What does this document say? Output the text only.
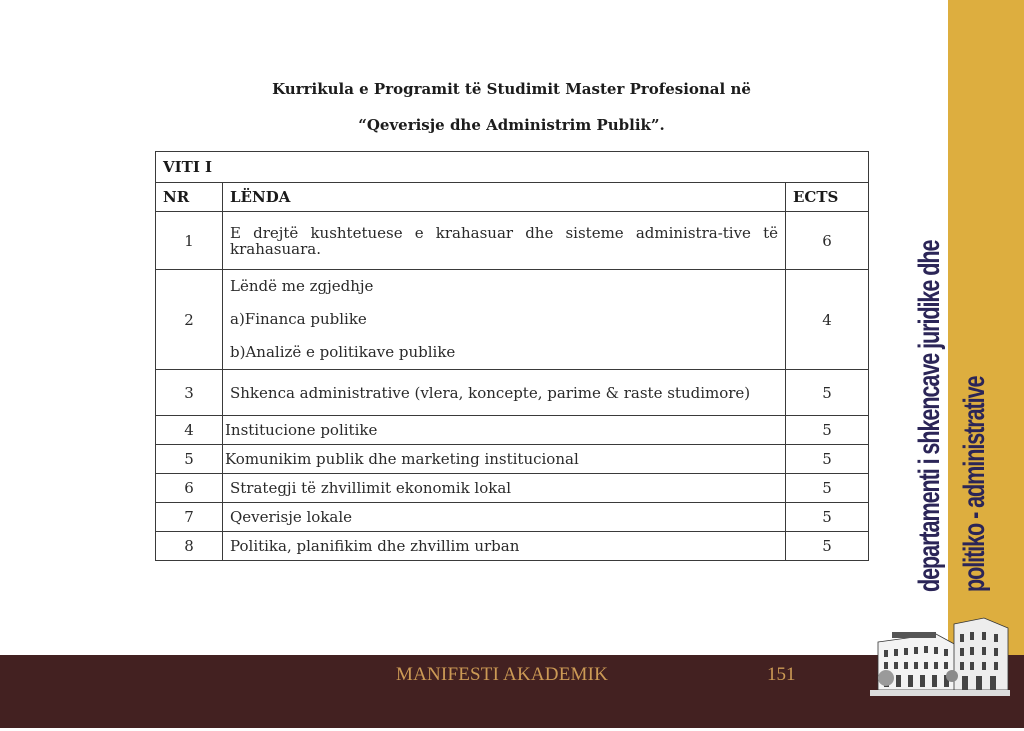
departamenti i shkencave juridike dhe politiko - administrative
Kurrikula e Programit të Studimit Master Profesional në
“Qeverisje dhe Administrim Publik”.
VITI I		
NR	LËNDA	ECTS
1	E drejtë kushtetuese e krahasuar dhe sisteme administra-tive të krahasuara.	6
2	Lëndë me zgjedhje
a)Financa publike
b)Analizë e politikave publike	4
3	Shkenca administrative (vlera, koncepte, parime & raste studimore)	5
4	Institucione politike	5
5	Komunikim publik dhe marketing institucional	5
6	Strategji të zhvillimit ekonomik lokal	5
7	Qeverisje lokale	5
8	Politika, planifikim dhe zhvillim urban	5
MANIFESTI AKADEMIK	151
